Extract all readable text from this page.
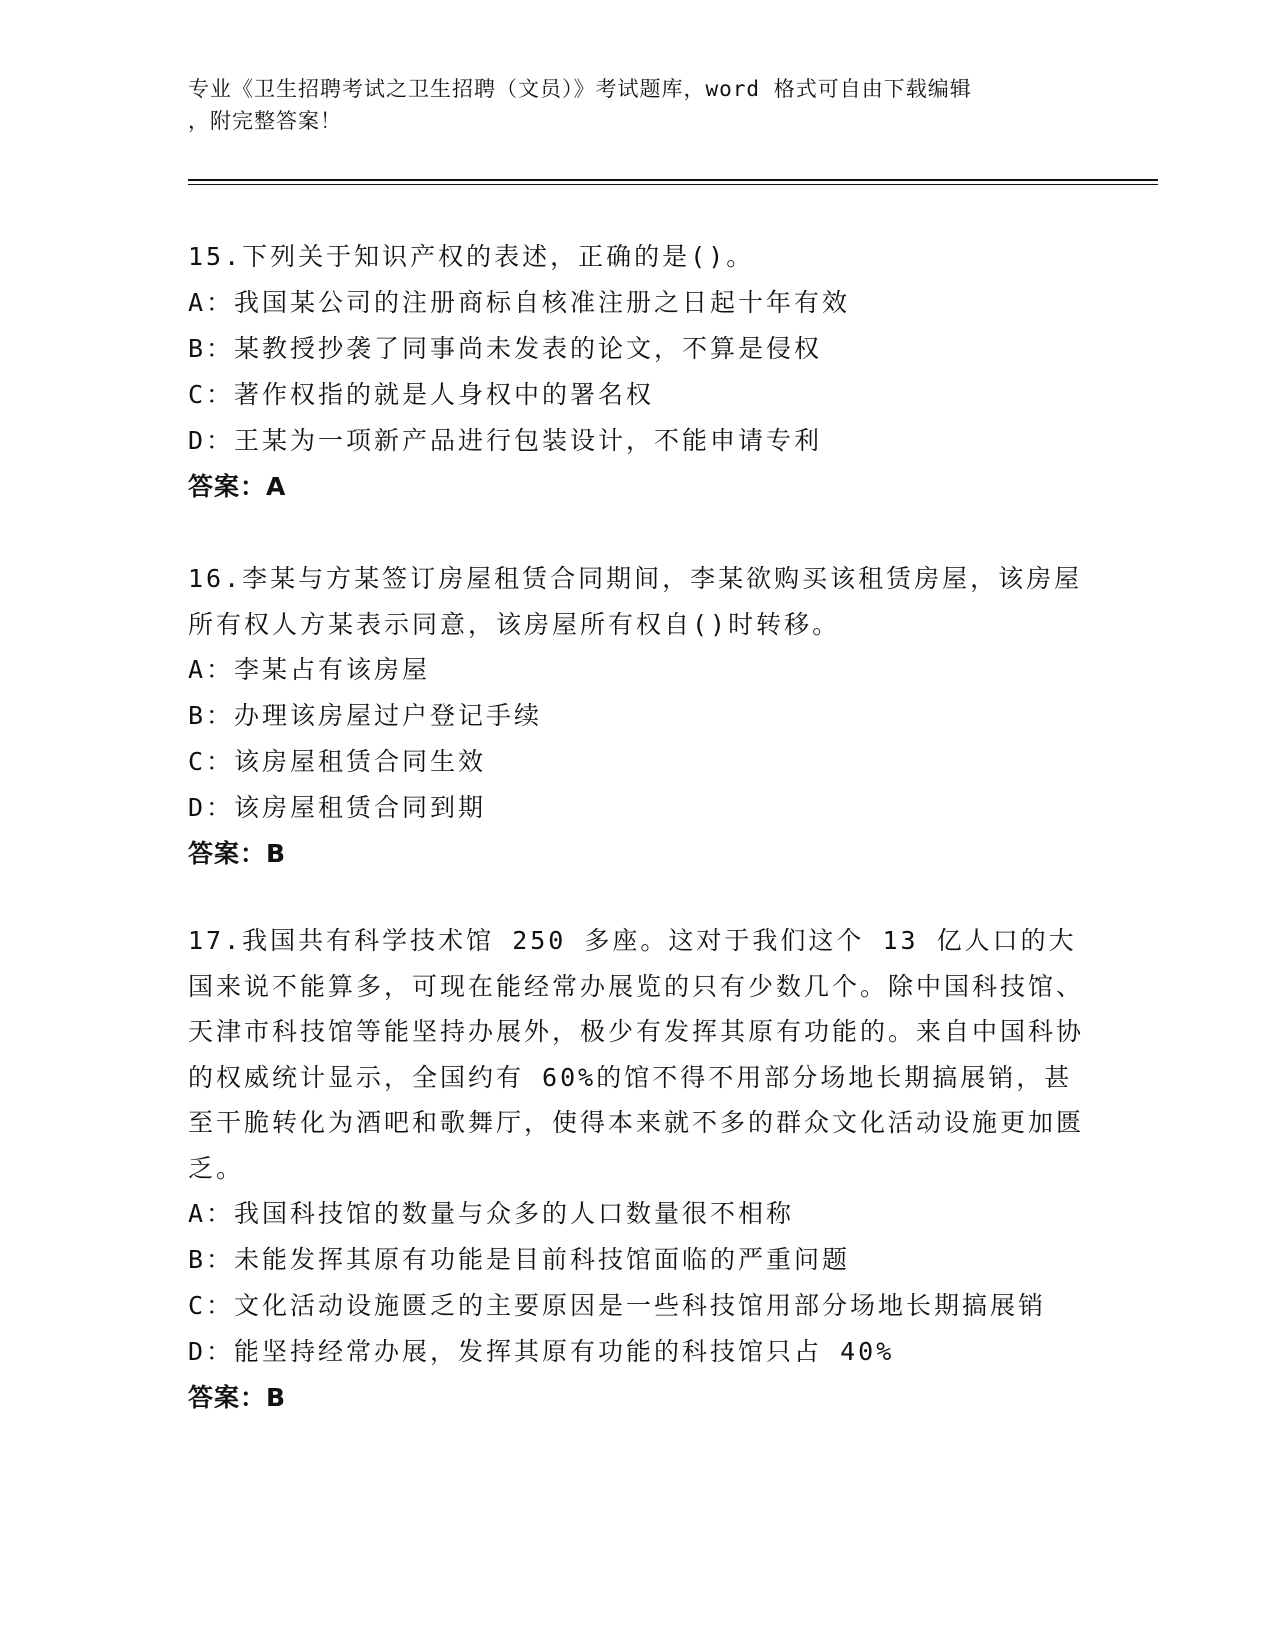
专业《卫生招聘考试之卫生招聘（文员）》考试题库，word 格式可自由下载编辑
，附完整答案！
15.下列关于知识产权的表述，正确的是()。
A：我国某公司的注册商标自核准注册之日起十年有效
B：某教授抄袭了同事尚未发表的论文，不算是侵权
C：著作权指的就是人身权中的署名权
D：王某为一项新产品进行包装设计，不能申请专利
答案：A
16.李某与方某签订房屋租赁合同期间，李某欲购买该租赁房屋，该房屋所有权人方某表示同意，该房屋所有权自()时转移。
A：李某占有该房屋
B：办理该房屋过户登记手续
C：该房屋租赁合同生效
D：该房屋租赁合同到期
答案：B
17.我国共有科学技术馆 250 多座。这对于我们这个 13 亿人口的大国来说不能算多，可现在能经常办展览的只有少数几个。除中国科技馆、天津市科技馆等能坚持办展外，极少有发挥其原有功能的。来自中国科协的权威统计显示，全国约有 60%的馆不得不用部分场地长期搞展销，甚至干脆转化为酒吧和歌舞厅，使得本来就不多的群众文化活动设施更加匮乏。
A：我国科技馆的数量与众多的人口数量很不相称
B：未能发挥其原有功能是目前科技馆面临的严重问题
C：文化活动设施匮乏的主要原因是一些科技馆用部分场地长期搞展销
D：能坚持经常办展，发挥其原有功能的科技馆只占 40%
答案：B
